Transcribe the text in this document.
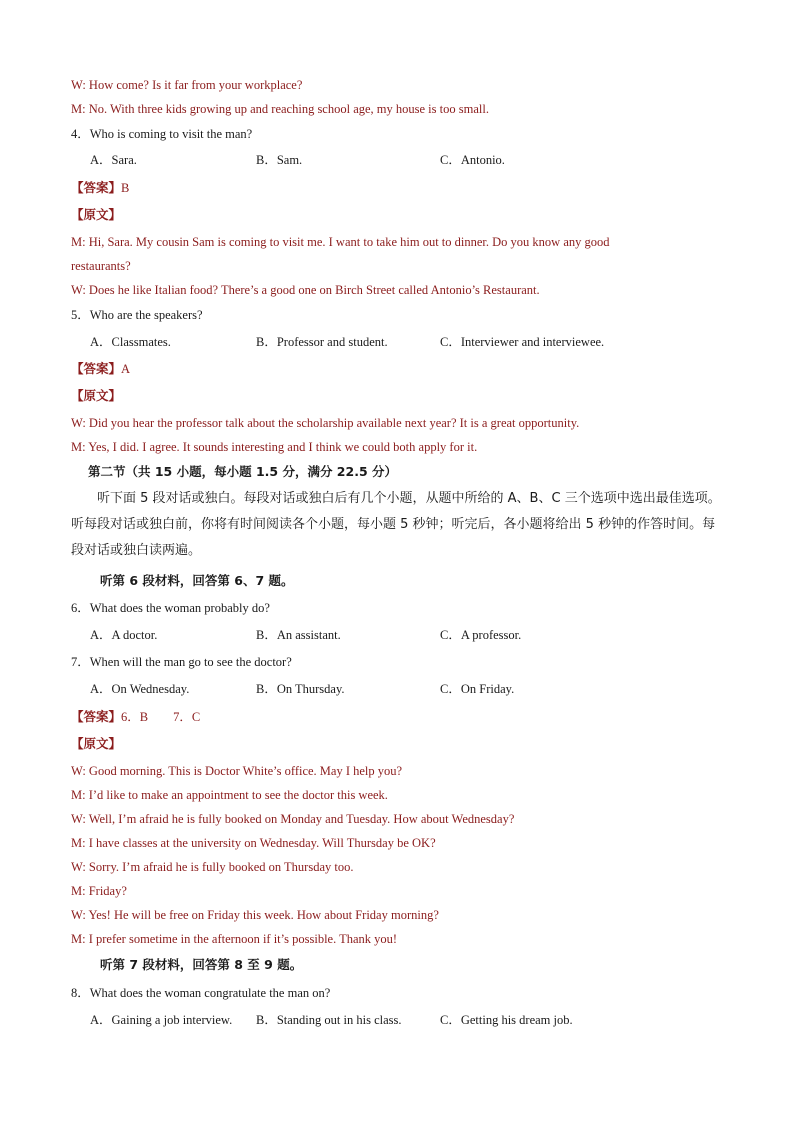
W: How come? Is it far from your workplace?
M: No. With three kids growing up and reaching school age, my house is too small.
4．Who is coming to visit the man?
A．Sara.	B．Sam.	C．Antonio.
【答案】B
【原文】
M: Hi, Sara. My cousin Sam is coming to visit me. I want to take him out to dinner. Do you know any good
restaurants?
W: Does he like Italian food? There’s a good one on Birch Street called Antonio’s Restaurant.
5．Who are the speakers?
A．Classmates.	B．Professor and student.	C．Interviewer and interviewee.
【答案】A
【原文】
W: Did you hear the professor talk about the scholarship available next year? It is a great opportunity.
M: Yes, I did. I agree. It sounds interesting and I think we could both apply for it.
第二节（共 15 小题，每小题 1.5 分，满分 22.5 分）
听下面 5 段对话或独白。每段对话或独白后有几个小题，从题中所给的 A、B、C 三个选项中选出最佳选项。听每段对话或独白前，你将有时间阅读各个小题，每小题 5 秒钟；听完后，各小题将给出 5 秒钟的作答时间。每段对话或独白读两遍。
听第 6 段材料，回答第 6、7 题。
6．What does the woman probably do?
A．A doctor.	B．An assistant.	C．A professor.
7．When will the man go to see the doctor?
A．On Wednesday.	B．On Thursday.	C．On Friday.
【答案】6．B　　7．C
【原文】
W: Good morning. This is Doctor White’s office. May I help you?
M: I’d like to make an appointment to see the doctor this week.
W: Well, I’m afraid he is fully booked on Monday and Tuesday. How about Wednesday?
M: I have classes at the university on Wednesday. Will Thursday be OK?
W: Sorry. I’m afraid he is fully booked on Thursday too.
M: Friday?
W: Yes! He will be free on Friday this week. How about Friday morning?
M: I prefer sometime in the afternoon if it’s possible. Thank you!
听第 7 段材料，回答第 8 至 9 题。
8．What does the woman congratulate the man on?
A．Gaining a job interview. B．Standing out in his class.	C．Getting his dream job.
